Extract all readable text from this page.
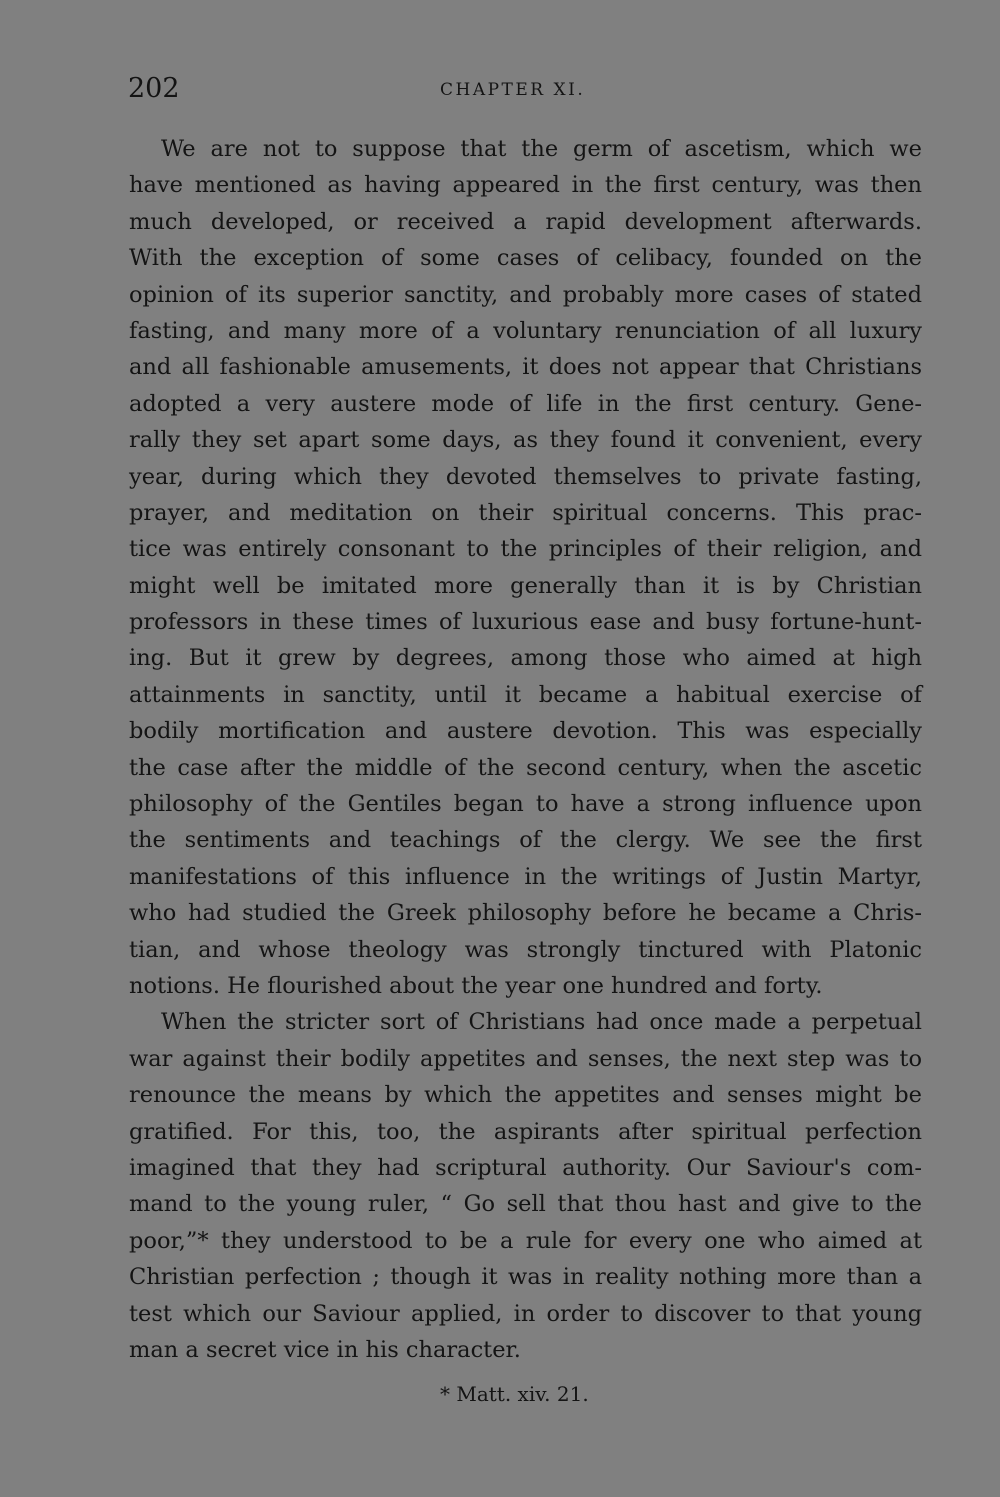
202	CHAPTER XI.
We are not to suppose that the germ of ascetism, which we
have mentioned as having appeared in the first century, was then
much developed, or received a rapid development afterwards.
With the exception of some cases of celibacy, founded on the
opinion of its superior sanctity, and probably more cases of stated
fasting, and many more of a voluntary renunciation of all luxury
and all fashionable amusements, it does not appear that Christians
adopted a very austere mode of life in the first century. Gene-
rally they set apart some days, as they found it convenient, every
year, during which they devoted themselves to private fasting,
prayer, and meditation on their spiritual concerns. This prac-
tice was entirely consonant to the principles of their religion, and
might well be imitated more generally than it is by Christian
professors in these times of luxurious ease and busy fortune-hunt-
ing. But it grew by degrees, among those who aimed at high
attainments in sanctity, until it became a habitual exercise of
bodily mortification and austere devotion. This was especially
the case after the middle of the second century, when the ascetic
philosophy of the Gentiles began to have a strong influence upon
the sentiments and teachings of the clergy. We see the first
manifestations of this influence in the writings of Justin Martyr,
who had studied the Greek philosophy before he became a Chris-
tian, and whose theology was strongly tinctured with Platonic
notions. He flourished about the year one hundred and forty.
When the stricter sort of Christians had once made a perpetual
war against their bodily appetites and senses, the next step was to
renounce the means by which the appetites and senses might be
gratified. For this, too, the aspirants after spiritual perfection
imagined that they had scriptural authority. Our Saviour's com-
mand to the young ruler, “ Go sell that thou hast and give to the
poor,”* they understood to be a rule for every one who aimed at
Christian perfection ; though it was in reality nothing more than a
test which our Saviour applied, in order to discover to that young
man a secret vice in his character.
* Matt. xiv. 21.
